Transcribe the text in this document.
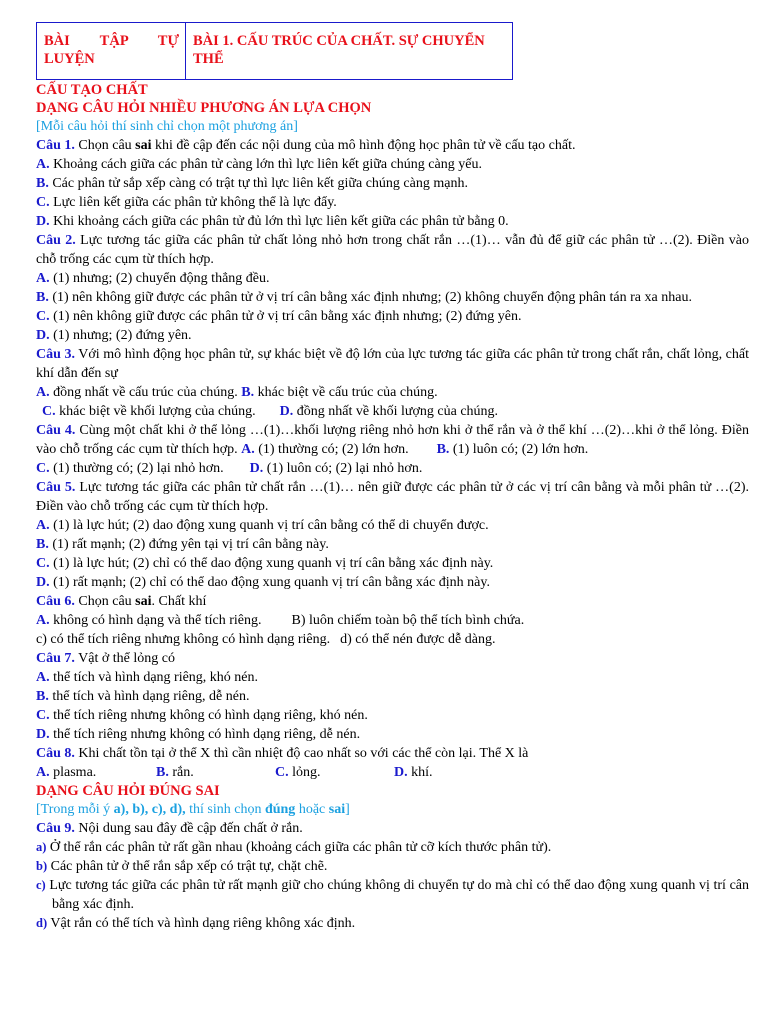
BÀI TẬP TỰ
LUYỆN
BÀI 1. CẤU TRÚC CỦA CHẤT. SỰ CHUYỂN THỂ
CẤU TẠO CHẤT
DẠNG CÂU HỎI NHIỀU PHƯƠNG ÁN LỰA CHỌN
[Mỗi câu hỏi thí sinh chỉ chọn một phương án]
Câu 1. Chọn câu sai khi đề cập đến các nội dung của mô hình động học phân tử về cấu tạo chất.
A. Khoảng cách giữa các phân tử càng lớn thì lực liên kết giữa chúng càng yếu.
B. Các phân tử sắp xếp càng có trật tự thì lực liên kết giữa chúng càng mạnh.
C. Lực liên kết giữa các phân tử không thể là lực đẩy.
D. Khi khoảng cách giữa các phân tử đủ lớn thì lực liên kết giữa các phân tử bằng 0.
Câu 2. Lực tương tác giữa các phân tử chất lỏng nhỏ hơn trong chất rắn …(1)… vẫn đủ để giữ các phân tử …(2). Điền vào chỗ trống các cụm từ thích hợp.
A. (1) nhưng; (2) chuyển động thẳng đều.
B. (1) nên không giữ được các phân tử ở vị trí cân bằng xác định nhưng; (2) không chuyển động phân tán ra xa nhau.
C. (1) nên không giữ được các phân tử ở vị trí cân bằng xác định nhưng; (2) đứng yên.
D. (1) nhưng; (2) đứng yên.
Câu 3. Với mô hình động học phân tử, sự khác biệt về độ lớn của lực tương tác giữa các phân tử trong chất rắn, chất lỏng, chất khí dẫn đến sự
A. đồng nhất về cấu trúc của chúng. B. khác biệt về cấu trúc của chúng.
C. khác biệt về khối lượng của chúng. D. đồng nhất về khối lượng của chúng.
Câu 4. Cùng một chất khi ở thể lỏng …(1)…khối lượng riêng nhỏ hơn khi ở thể rắn và ở thể khí …(2)…khi ở thể lỏng. Điền vào chỗ trống các cụm từ thích hợp. A. (1) thường có; (2) lớn hơn. B. (1) luôn có; (2) lớn hơn.
C. (1) thường có; (2) lại nhỏ hơn. D. (1) luôn có; (2) lại nhỏ hơn.
Câu 5. Lực tương tác giữa các phân tử chất rắn …(1)… nên giữ được các phân tử ở các vị trí cân bằng và mỗi phân tử …(2). Điền vào chỗ trống các cụm từ thích hợp.
A. (1) là lực hút; (2) dao động xung quanh vị trí cân bằng có thể di chuyển được.
B. (1) rất mạnh; (2) đứng yên tại vị trí cân bằng này.
C. (1) là lực hút; (2) chỉ có thể dao động xung quanh vị trí cân bằng xác định này.
D. (1) rất mạnh; (2) chỉ có thể dao động xung quanh vị trí cân bằng xác định này.
Câu 6. Chọn câu sai. Chất khí
A. không có hình dạng và thể tích riêng. B) luôn chiếm toàn bộ thể tích bình chứa.
c) có thể tích riêng nhưng không có hình dạng riêng. d) có thể nén được dễ dàng.
Câu 7. Vật ở thể lỏng có
A. thể tích và hình dạng riêng, khó nén.
B. thể tích và hình dạng riêng, dễ nén.
C. thể tích riêng nhưng không có hình dạng riêng, khó nén.
D. thể tích riêng nhưng không có hình dạng riêng, dễ nén.
Câu 8. Khi chất tồn tại ở thể X thì cần nhiệt độ cao nhất so với các thể còn lại. Thể X là
A. plasma.	B. rắn.	C. lỏng.	D. khí.
DẠNG CÂU HỎI ĐÚNG SAI
[Trong mỗi ý a), b), c), d), thí sinh chọn đúng hoặc sai]
Câu 9. Nội dung sau đây đề cập đến chất ở rắn.
a) Ở thể rắn các phân tử rất gần nhau (khoảng cách giữa các phân tử cỡ kích thước phân tử).
b) Các phân tử ở thể rắn sắp xếp có trật tự, chặt chẽ.
c) Lực tương tác giữa các phân tử rất mạnh giữ cho chúng không di chuyển tự do mà chỉ có thể dao động xung quanh vị trí cân bằng xác định.
d) Vật rắn có thể tích và hình dạng riêng không xác định.
